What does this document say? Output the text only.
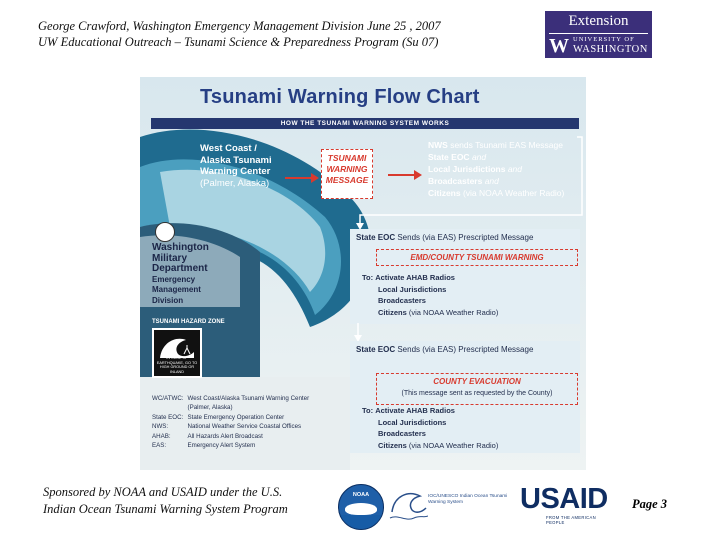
George Crawford, Washington Emergency Management Division June 25 , 2007
UW Educational Outreach – Tsunami Science & Preparedness Program (Su 07)
Extension
W UNIVERSITY OF
WASHINGTON
Tsunami Warning Flow Chart
HOW THE TSUNAMI WARNING SYSTEM WORKS
West Coast /
Alaska Tsunami
Warning Center
(Palmer, Alaska)
TSUNAMI
WARNING
MESSAGE
NWS sends Tsunami EAS Message
State EOC and
Local Jurisdictions and
Broadcasters and
Citizens (via NOAA Weather Radio)
State EOC Sends (via EAS) Prescripted Message
EMD/COUNTY TSUNAMI WARNING
To: Activate AHAB Radios
Local Jurisdictions
Broadcasters
Citizens (via NOAA Weather Radio)
State EOC Sends (via EAS) Prescripted Message
COUNTY EVACUATION
(This message sent as requested by the County)
To: Activate AHAB Radios
Local Jurisdictions
Broadcasters
Citizens (via NOAA Weather Radio)
Washington
Military
Department
Emergency
Management
Division
TSUNAMI HAZARD ZONE
IN CASE OF EARTHQUAKE, GO TO HIGH GROUND OR INLAND
WC/ATWC:	West Coast/Alaska Tsunami Warning Center
	(Palmer, Alaska)
State EOC:	State Emergency Operation Center
NWS:	National Weather Service Coastal Offices
AHAB:	All Hazards Alert Broadcast
EAS:	Emergency Alert System
Sponsored by NOAA and USAID under the U.S.
Indian Ocean Tsunami Warning System Program
NOAA	IOC/UNESCO Indian Ocean Tsunami Warning System	USAID
FROM THE AMERICAN PEOPLE
Page 3
